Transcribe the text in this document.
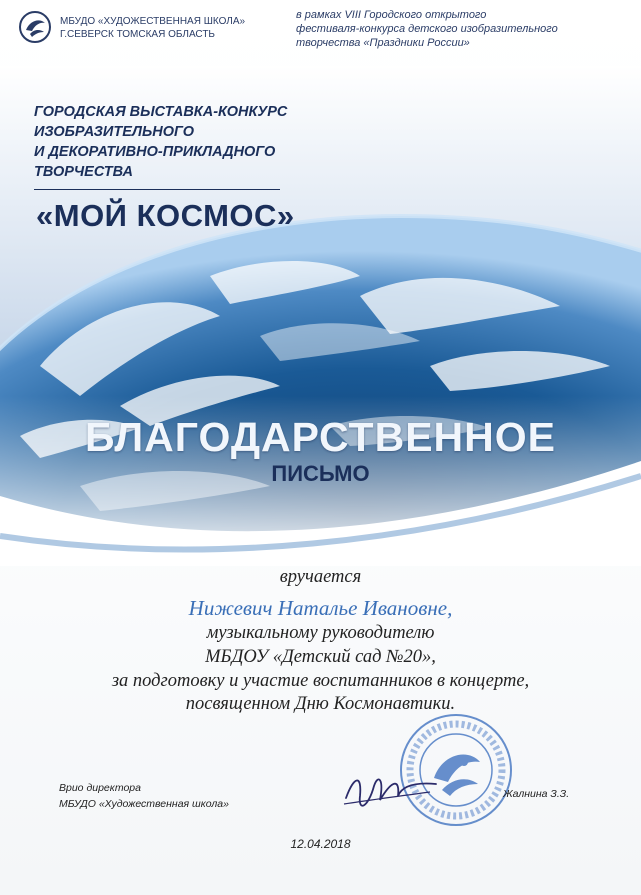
МБУДО «ХУДОЖЕСТВЕННАЯ ШКОЛА»
Г.СЕВЕРСК ТОМСКАЯ ОБЛАСТЬ
в рамках VIII Городского открытого
фестиваля-конкурса детского изобразительного
творчества «Праздники России»
ГОРОДСКАЯ ВЫСТАВКА-КОНКУРС
ИЗОБРАЗИТЕЛЬНОГО
И ДЕКОРАТИВНО-ПРИКЛАДНОГО
ТВОРЧЕСТВА
«МОЙ КОСМОС»
БЛАГОДАРСТВЕННОЕ
ПИСЬМО
вручается
Нижевич Наталье Ивановне,
музыкальному руководителю
МБДОУ «Детский сад №20»,
за подготовку и участие воспитанников в концерте,
посвященном Дню Космонавтики.
Врио директора
МБУДО «Художественная школа»
Жалнина З.З.
12.04.2018
